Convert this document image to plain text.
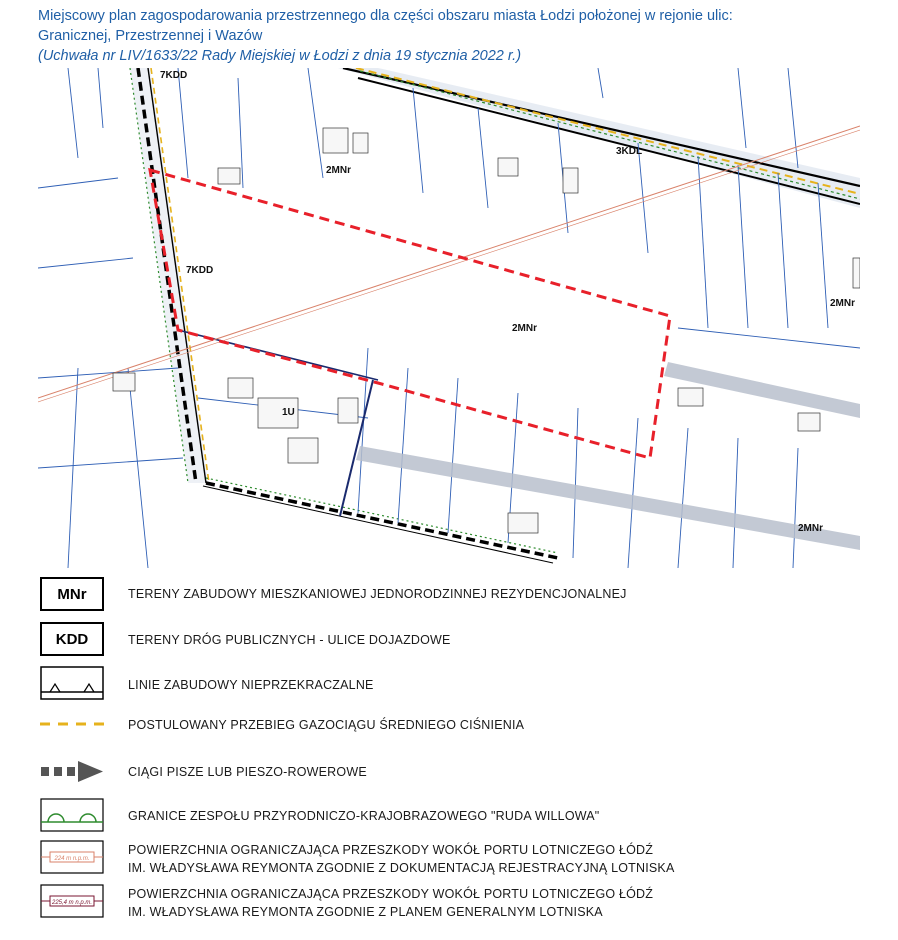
Miejscowy plan zagospodarowania przestrzennego dla części obszaru miasta Łodzi położonej w rejonie ulic:
Granicznej, Przestrzennej i Wazów
(Uchwała nr LIV/1633/22 Rady Miejskiej w Łodzi z dnia 19 stycznia 2022 r.)
2MNr
7KDD
2MNr
2MNr
1U
2MNr
3KDL
7KDD
MNr	TERENY ZABUDOWY MIESZKANIOWEJ JEDNORODZINNEJ REZYDENCJONALNEJ
KDD	TERENY DRÓG PUBLICZNYCH - ULICE DOJAZDOWE
LINIE ZABUDOWY NIEPRZEKRACZALNE
POSTULOWANY PRZEBIEG GAZOCIĄGU ŚREDNIEGO CIŚNIENIA
CIĄGI PISZE LUB PIESZO-ROWEROWE
GRANICE ZESPOŁU PRZYRODNICZO-KRAJOBRAZOWEGO "RUDA WILLOWA"
224 m n.p.m.
POWIERZCHNIA OGRANICZAJĄCA PRZESZKODY WOKÓŁ PORTU LOTNICZEGO ŁÓDŹ
IM. WŁADYSŁAWA REYMONTA ZGODNIE Z DOKUMENTACJĄ REJESTRACYJNĄ LOTNISKA
225,4 m n.p.m.
POWIERZCHNIA OGRANICZAJĄCA PRZESZKODY WOKÓŁ PORTU LOTNICZEGO ŁÓDŹ
IM. WŁADYSŁAWA REYMONTA ZGODNIE Z PLANEM GENERALNYM LOTNISKA
